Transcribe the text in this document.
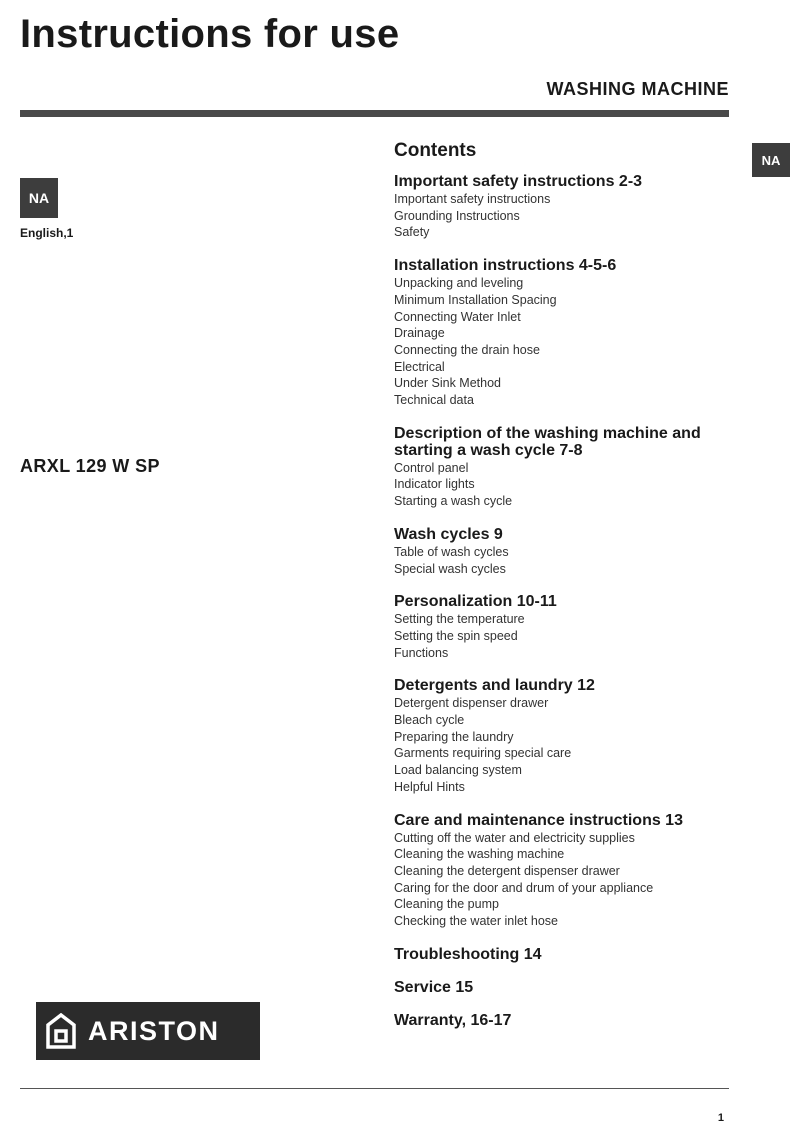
Instructions for use
WASHING MACHINE
NA
NA
English,1
ARXL 129 W SP
ARISTON
Contents
Important safety instructions 2-3
Important safety instructions
Grounding Instructions
Safety
Installation instructions 4-5-6
Unpacking and leveling
Minimum Installation Spacing
Connecting Water Inlet
Drainage
Connecting the drain hose
Electrical
Under Sink Method
Technical data
Description of the washing machine and starting a wash cycle 7-8
Control panel
Indicator lights
Starting a wash cycle
Wash cycles 9
Table of wash cycles
Special wash cycles
Personalization 10-11
Setting the temperature
Setting the spin speed
Functions
Detergents and laundry 12
Detergent dispenser drawer
Bleach cycle
Preparing the laundry
Garments requiring special care
Load balancing system
Helpful Hints
Care and maintenance instructions 13
Cutting off the water and electricity supplies
Cleaning the washing machine
Cleaning the detergent dispenser drawer
Caring for the door and drum of your appliance
Cleaning the pump
Checking the water inlet hose
Troubleshooting 14
Service 15
Warranty, 16-17
1
